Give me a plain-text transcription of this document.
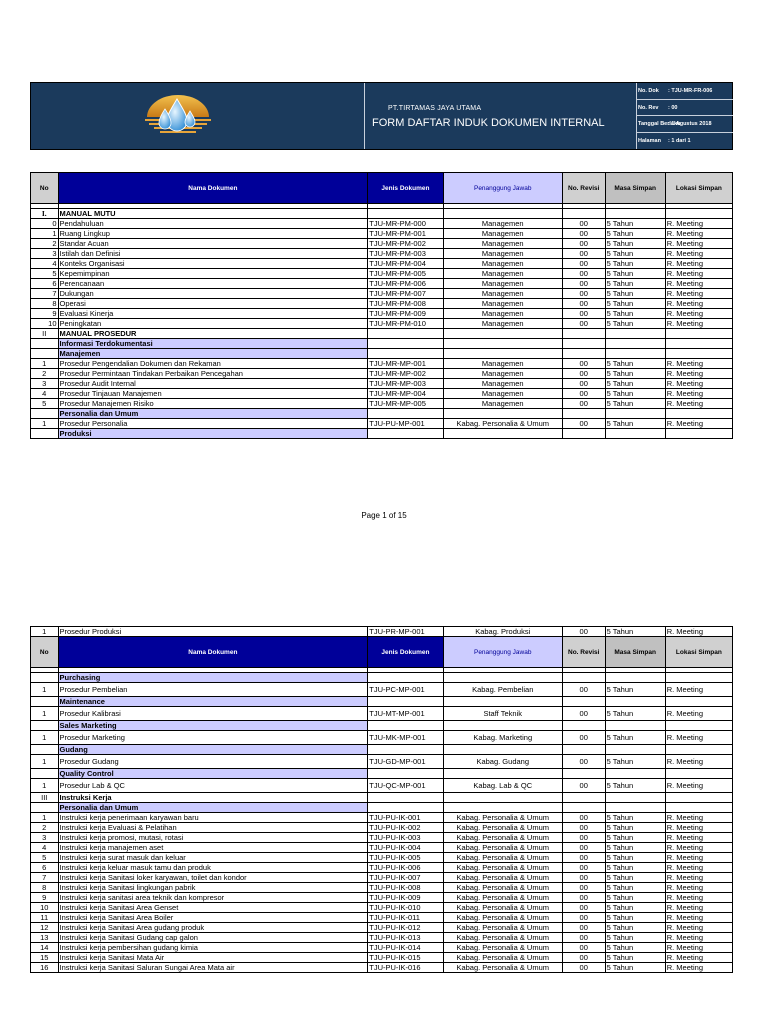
PT.TIRTAMAS JAYA UTAMA
FORM DAFTAR INDUK DOKUMEN INTERNAL
No. Dok : TJU-MR-FR-006
No. Rev : 00
Tanggal Berlaku
: 1 Agustus 2018
Halaman : 1 dari 1
No	Nama Dokumen	Jenis Dokumen	Penanggung Jawab	No. Revisi	Masa Simpan	Lokasi Simpan

I.	MANUAL MUTU					
0	Pendahuluan	TJU-MR-PM-000	Managemen	00	5 Tahun	R. Meeting
1	Ruang Lingkup	TJU-MR-PM-001	Managemen	00	5 Tahun	R. Meeting
2	Standar Acuan	TJU-MR-PM-002	Managemen	00	5 Tahun	R. Meeting
3	Istilah dan Definisi	TJU-MR-PM-003	Managemen	00	5 Tahun	R. Meeting
4	Konteks Organisasi	TJU-MR-PM-004	Managemen	00	5 Tahun	R. Meeting
5	Kepemimpinan	TJU-MR-PM-005	Managemen	00	5 Tahun	R. Meeting
6	Perencanaan	TJU-MR-PM-006	Managemen	00	5 Tahun	R. Meeting
7	Dukungan	TJU-MR-PM-007	Managemen	00	5 Tahun	R. Meeting
8	Operasi	TJU-MR-PM-008	Managemen	00	5 Tahun	R. Meeting
9	Evaluasi Kinerja	TJU-MR-PM-009	Managemen	00	5 Tahun	R. Meeting
10	Peningkatan	TJU-MR-PM-010	Managemen	00	5 Tahun	R. Meeting
II	MANUAL PROSEDUR					
	Informasi Terdokumentasi					
	Manajemen					
1	Prosedur Pengendalian Dokumen dan Rekaman	TJU-MR-MP-001	Managemen	00	5 Tahun	R. Meeting
2	Prosedur Permintaan Tindakan Perbaikan Pencegahan	TJU-MR-MP-002	Managemen	00	5 Tahun	R. Meeting
3	Prosedur Audit Internal	TJU-MR-MP-003	Managemen	00	5 Tahun	R. Meeting
4	Prosedur Tinjauan Manajemen	TJU-MR-MP-004	Managemen	00	5 Tahun	R. Meeting
5	Prosedur Manajemen Risiko	TJU-MR-MP-005	Managemen	00	5 Tahun	R. Meeting
	Personalia dan Umum					
1	Prosedur Personalia	TJU-PU-MP-001	Kabag. Personalia & Umum	00	5 Tahun	R. Meeting
	Produksi					
Page 1 of 15
1	Prosedur Produksi	TJU-PR-MP-001	Kabag. Produksi	00	5 Tahun	R. Meeting
No	Nama Dokumen	Jenis Dokumen	Penanggung Jawab	No. Revisi	Masa Simpan	Lokasi Simpan

	Purchasing					
1	Prosedur Pembelian	TJU-PC-MP-001	Kabag. Pembelian	00	5 Tahun	R. Meeting
	Maintenance					
1	Prosedur Kalibrasi	TJU-MT-MP-001	Staff Teknik	00	5 Tahun	R. Meeting
	Sales Marketing					
1	Prosedur Marketing	TJU-MK-MP-001	Kabag. Marketing	00	5 Tahun	R. Meeting
	Gudang					
1	Prosedur Gudang	TJU-GD-MP-001	Kabag. Gudang	00	5 Tahun	R. Meeting
	Quality Control					
1	Prosedur Lab & QC	TJU-QC-MP-001	Kabag. Lab & QC	00	5 Tahun	R. Meeting
III	Instruksi Kerja					
	Personalia dan Umum					
1	Instruksi kerja penerimaan karyawan baru	TJU-PU-IK-001	Kabag. Personalia & Umum	00	5 Tahun	R. Meeting
2	Instruksi kerja Evaluasi & Pelatihan	TJU-PU-IK-002	Kabag. Personalia & Umum	00	5 Tahun	R. Meeting
3	Instruksi kerja promosi, mutasi, rotasi	TJU-PU-IK-003	Kabag. Personalia & Umum	00	5 Tahun	R. Meeting
4	Instruksi kerja manajemen aset	TJU-PU-IK-004	Kabag. Personalia & Umum	00	5 Tahun	R. Meeting
5	Instruksi kerja surat masuk dan keluar	TJU-PU-IK-005	Kabag. Personalia & Umum	00	5 Tahun	R. Meeting
6	Instruksi kerja keluar masuk tamu dan produk	TJU-PU-IK-006	Kabag. Personalia & Umum	00	5 Tahun	R. Meeting
7	Instruksi kerja Sanitasi loker karyawan, toilet dan kondor	TJU-PU-IK-007	Kabag. Personalia & Umum	00	5 Tahun	R. Meeting
8	Instruksi kerja Sanitasi lingkungan pabrik	TJU-PU-IK-008	Kabag. Personalia & Umum	00	5 Tahun	R. Meeting
9	Instruksi kerja sanitasi area teknik dan kompresor	TJU-PU-IK-009	Kabag. Personalia & Umum	00	5 Tahun	R. Meeting
10	Instruksi kerja Sanitasi Area Genset	TJU-PU-IK-010	Kabag. Personalia & Umum	00	5 Tahun	R. Meeting
11	Instruksi kerja Sanitasi Area Boiler	TJU-PU-IK-011	Kabag. Personalia & Umum	00	5 Tahun	R. Meeting
12	Instruksi kerja Sanitasi Area gudang produk	TJU-PU-IK-012	Kabag. Personalia & Umum	00	5 Tahun	R. Meeting
13	Instruksi kerja Sanitasi Gudang cap galon	TJU-PU-IK-013	Kabag. Personalia & Umum	00	5 Tahun	R. Meeting
14	Instruksi kerja pembersihan gudang kimia	TJU-PU-IK-014	Kabag. Personalia & Umum	00	5 Tahun	R. Meeting
15	Instruksi kerja Sanitasi Mata Air	TJU-PU-IK-015	Kabag. Personalia & Umum	00	5 Tahun	R. Meeting
16	Instruksi kerja Sanitasi Saluran Sungai Area Mata air	TJU-PU-IK-016	Kabag. Personalia & Umum	00	5 Tahun	R. Meeting
